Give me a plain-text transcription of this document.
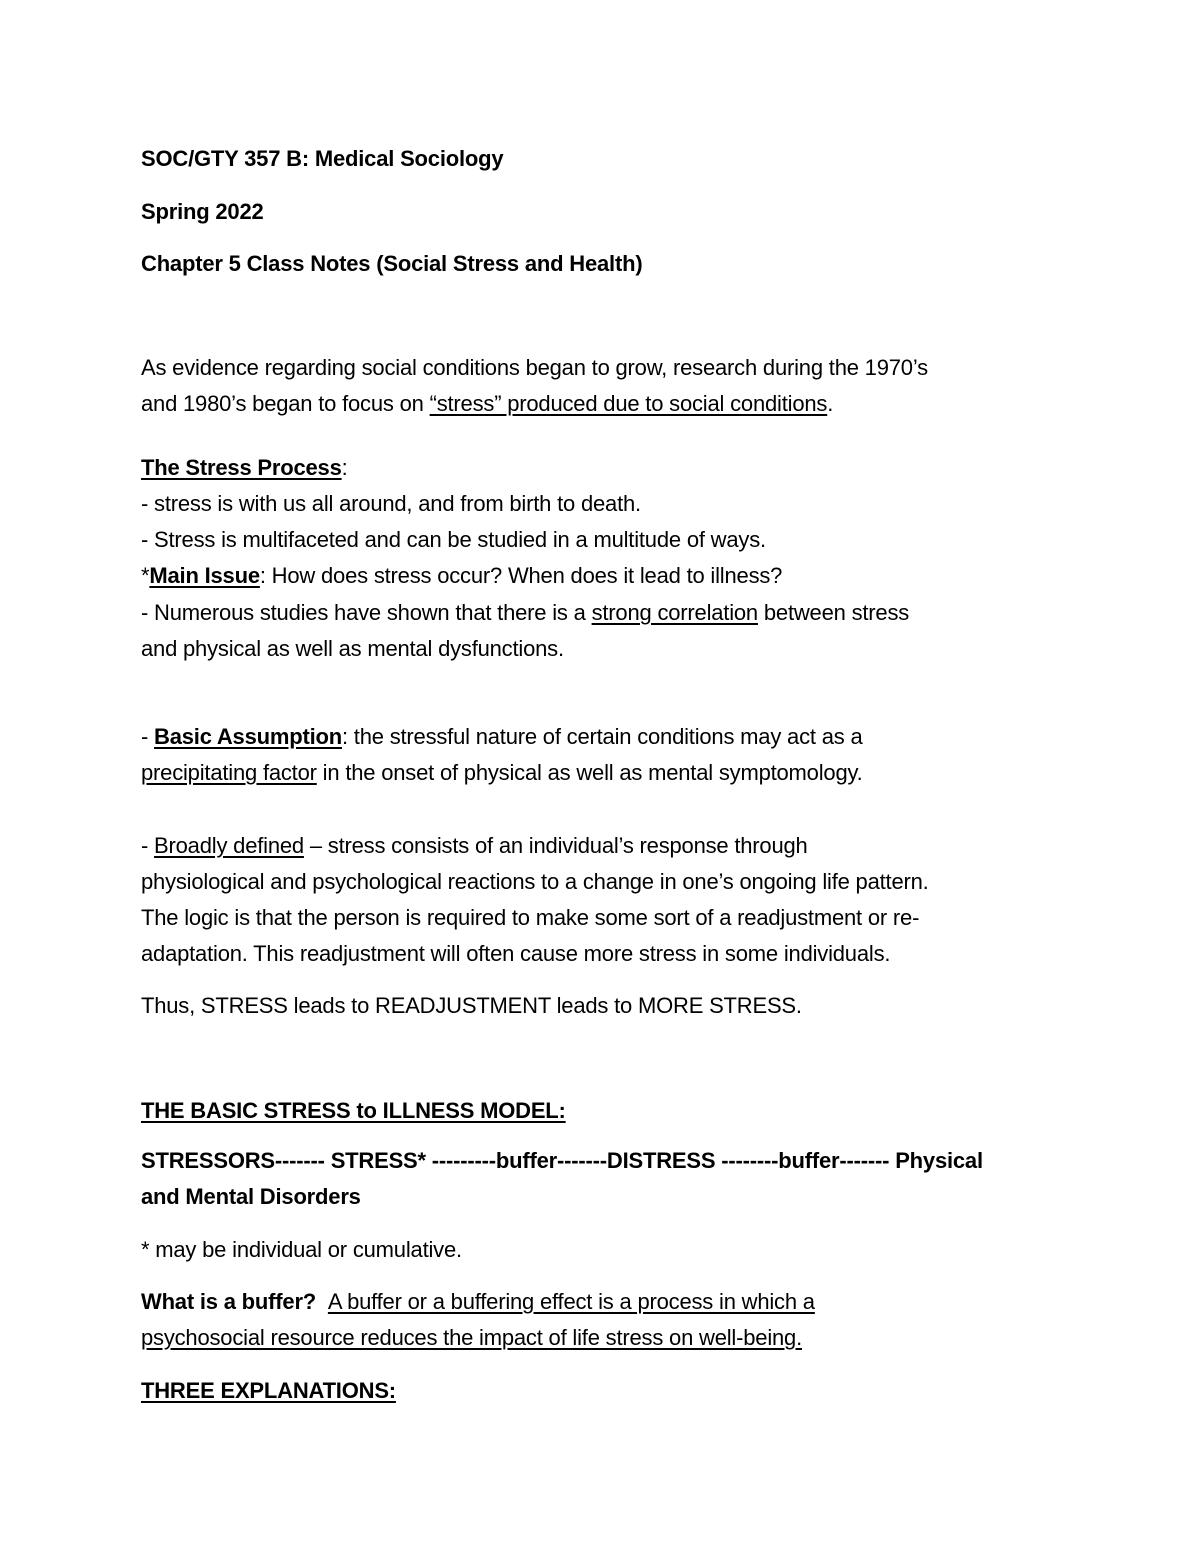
SOC/GTY 357 B: Medical Sociology
Spring 2022
Chapter 5 Class Notes (Social Stress and Health)
As evidence regarding social conditions began to grow, research during the 1970’s
and 1980’s began to focus on “stress” produced due to social conditions.
The Stress Process:
- stress is with us all around, and from birth to death.
- Stress is multifaceted and can be studied in a multitude of ways.
*Main Issue: How does stress occur? When does it lead to illness?
- Numerous studies have shown that there is a strong correlation between stress
and physical as well as mental dysfunctions.
- Basic Assumption: the stressful nature of certain conditions may act as a
precipitating factor in the onset of physical as well as mental symptomology.
- Broadly defined – stress consists of an individual’s response through
physiological and psychological reactions to a change in one’s ongoing life pattern.
The logic is that the person is required to make some sort of a readjustment or re-
adaptation. This readjustment will often cause more stress in some individuals.
Thus, STRESS leads to READJUSTMENT leads to MORE STRESS.
THE BASIC STRESS to ILLNESS MODEL:
STRESSORS------- STRESS* ---------buffer-------DISTRESS --------buffer------- Physical
and Mental Disorders
* may be individual or cumulative.
What is a buffer? A buffer or a buffering effect is a process in which a
psychosocial resource reduces the impact of life stress on well-being.
THREE EXPLANATIONS:
